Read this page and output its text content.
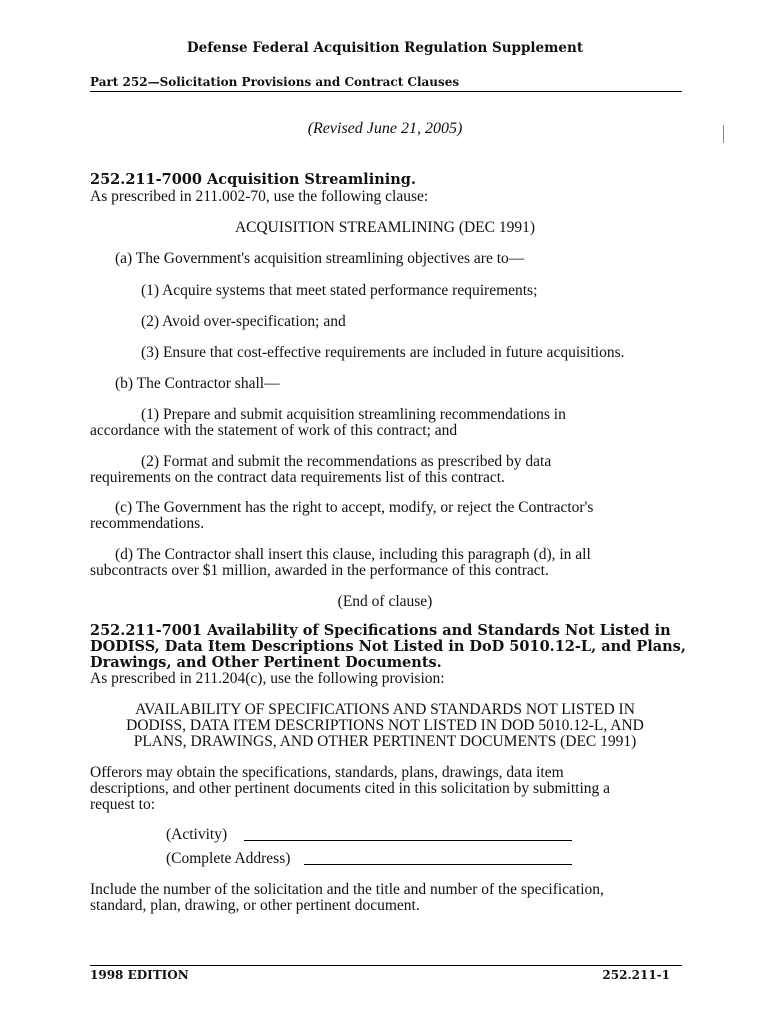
Defense Federal Acquisition Regulation Supplement
Part 252—Solicitation Provisions and Contract Clauses
(Revised June 21, 2005)
252.211-7000 Acquisition Streamlining.
As prescribed in 211.002-70, use the following clause:
ACQUISITION STREAMLINING (DEC 1991)
(a) The Government's acquisition streamlining objectives are to—
(1) Acquire systems that meet stated performance requirements;
(2) Avoid over-specification; and
(3) Ensure that cost-effective requirements are included in future acquisitions.
(b) The Contractor shall—
(1) Prepare and submit acquisition streamlining recommendations in
accordance with the statement of work of this contract; and
(2) Format and submit the recommendations as prescribed by data
requirements on the contract data requirements list of this contract.
(c) The Government has the right to accept, modify, or reject the Contractor's
recommendations.
(d) The Contractor shall insert this clause, including this paragraph (d), in all
subcontracts over $1 million, awarded in the performance of this contract.
(End of clause)
252.211-7001 Availability of Specifications and Standards Not Listed in
DODISS, Data Item Descriptions Not Listed in DoD 5010.12-L, and Plans,
Drawings, and Other Pertinent Documents.
As prescribed in 211.204(c), use the following provision:
AVAILABILITY OF SPECIFICATIONS AND STANDARDS NOT LISTED IN
DODISS, DATA ITEM DESCRIPTIONS NOT LISTED IN DOD 5010.12-L, AND
PLANS, DRAWINGS, AND OTHER PERTINENT DOCUMENTS (DEC 1991)
Offerors may obtain the specifications, standards, plans, drawings, data item
descriptions, and other pertinent documents cited in this solicitation by submitting a
request to:
(Activity)
(Complete Address)
Include the number of the solicitation and the title and number of the specification,
standard, plan, drawing, or other pertinent document.
1998 EDITION	252.211-1
